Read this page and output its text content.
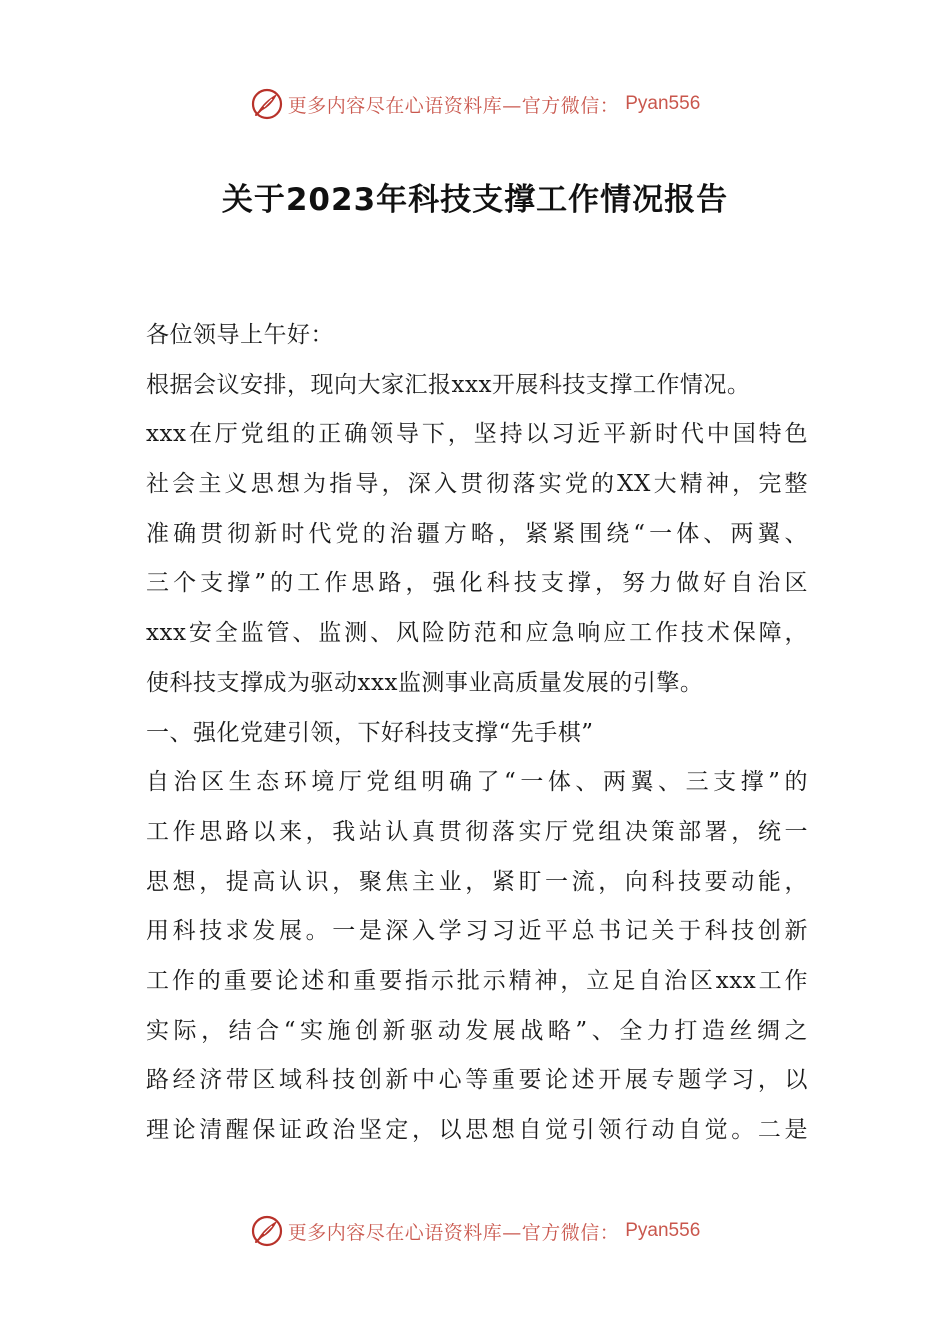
更多内容尽在心语资料库—官方微信： Pyan556
关于2023年科技支撑工作情况报告
各位领导上午好：
根据会议安排，现向大家汇报xxx开展科技支撑工作情况。
xxx在厅党组的正确领导下，坚持以习近平新时代中国特色
社会主义思想为指导，深入贯彻落实党的XX大精神，完整
准确贯彻新时代党的治疆方略，紧紧围绕“一体、两翼、
三个支撑”的工作思路，强化科技支撑，努力做好自治区
xxx安全监管、监测、风险防范和应急响应工作技术保障，
使科技支撑成为驱动xxx监测事业高质量发展的引擎。
一、强化党建引领，下好科技支撑“先手棋”
自治区生态环境厅党组明确了“一体、两翼、三支撑”的
工作思路以来，我站认真贯彻落实厅党组决策部署，统一
思想，提高认识，聚焦主业，紧盯一流，向科技要动能，
用科技求发展。一是深入学习习近平总书记关于科技创新
工作的重要论述和重要指示批示精神，立足自治区xxx工作
实际，结合“实施创新驱动发展战略”、全力打造丝绸之
路经济带区域科技创新中心等重要论述开展专题学习，以
理论清醒保证政治坚定，以思想自觉引领行动自觉。二是
更多内容尽在心语资料库—官方微信： Pyan556
